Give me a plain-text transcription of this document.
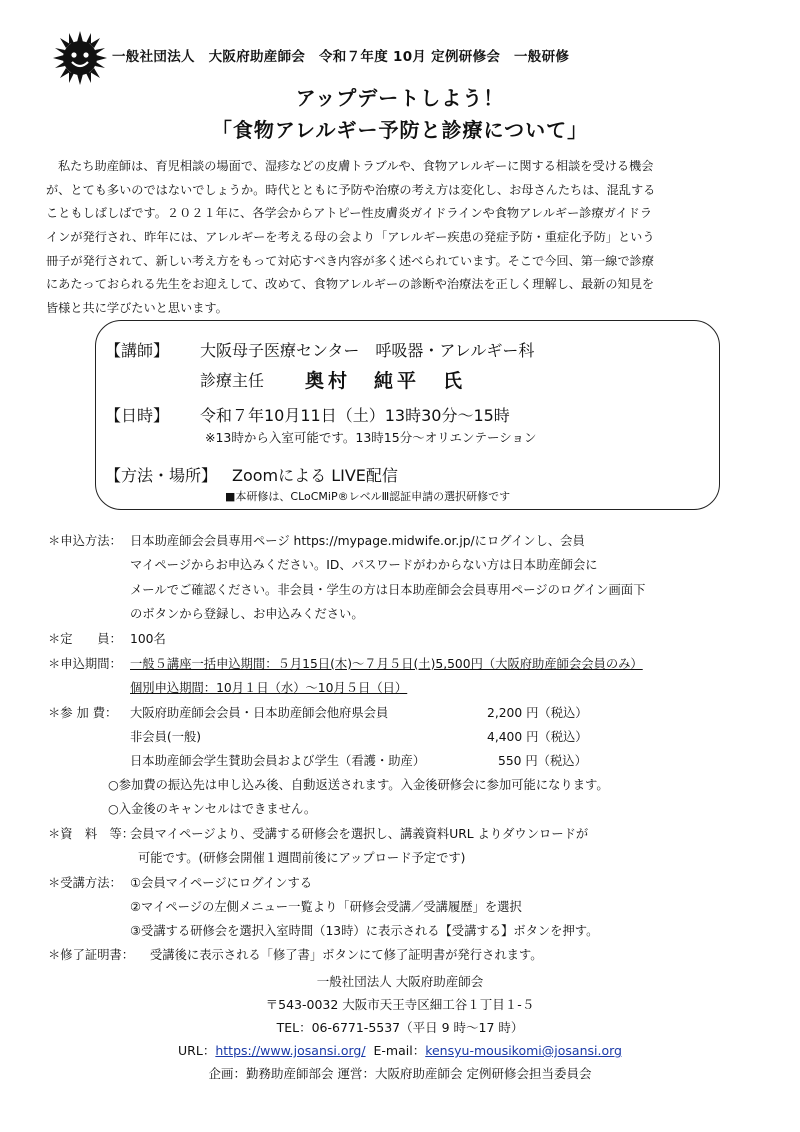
一般社団法人　大阪府助産師会　令和７年度 10月 定例研修会　一般研修
アップデートしよう！
「食物アレルギー予防と診療について」
私たち助産師は、育児相談の場面で、湿疹などの皮膚トラブルや、食物アレルギーに関する相談を受ける機会
が、とても多いのではないでしょうか。時代とともに予防や治療の考え方は変化し、お母さんたちは、混乱する
こともしばしばです。２０２１年に、各学会からアトピー性皮膚炎ガイドラインや食物アレルギー診療ガイドラ
インが発行され、昨年には、アレルギーを考える母の会より「アレルギー疾患の発症予防・重症化予防」という
冊子が発行されて、新しい考え方をもって対応すべき内容が多く述べられています。そこで今回、第一線で診療
にあたっておられる先生をお迎えして、改めて、食物アレルギーの診断や治療法を正しく理解し、最新の知見を
皆様と共に学びたいと思います。
【講師】 大阪母子医療センター　呼吸器・アレルギー科
診療主任 奥村　純平　氏
【日時】 令和７年10月11日（土）13時30分～15時
※13時から入室可能です。13時15分～オリエンテーション
【方法・場所】 Zoomによる LIVE配信
■本研修は、CLoCMiP®レベルⅢ認証申請の選択研修です
＊申込方法： 日本助産師会会員専用ページ https://mypage.midwife.or.jp/にログインし、会員
マイページからお申込みください。ID、パスワードがわからない方は日本助産師会に
メールでご確認ください。非会員・学生の方は日本助産師会会員専用ページのログイン画面下
のボタンから登録し、お申込みください。
＊定　　員： 100名
＊申込期間： 一般５講座一括申込期間：５月15日(木)～７月５日(土)5,500円（大阪府助産師会会員のみ）
個別申込期間：10月１日（水）～10月５日（日）
＊参 加 費： 大阪府助産師会会員・日本助産師会他府県会員	2,200 円（税込）
非会員(一般)	4,400 円（税込）
日本助産師会学生賛助会員および学生（看護・助産）	550 円（税込）
○参加費の振込先は申し込み後、自動返送されます。入金後研修会に参加可能になります。
○入金後のキャンセルはできません。
＊資　料　等：
会員マイページより、受講する研修会を選択し、講義資料URL よりダウンロードが
可能です。(研修会開催１週間前後にアップロード予定です)
＊受講方法： ①会員マイページにログインする
②マイページの左側メニュー一覧より「研修会受講／受講履歴」を選択
③受講する研修会を選択入室時間（13時）に表示される【受講する】ボタンを押す。
＊修了証明書： 受講後に表示される「修了書」ボタンにて修了証明書が発行されます。
一般社団法人 大阪府助産師会
〒543-0032 大阪市天王寺区細工谷１丁目１-５
TEL：06-6771-5537（平日 9 時～17 時）
URL：https://www.josansi.org/ E-mail：kensyu-mousikomi@josansi.org
企画：勤務助産師部会 運営：大阪府助産師会 定例研修会担当委員会
